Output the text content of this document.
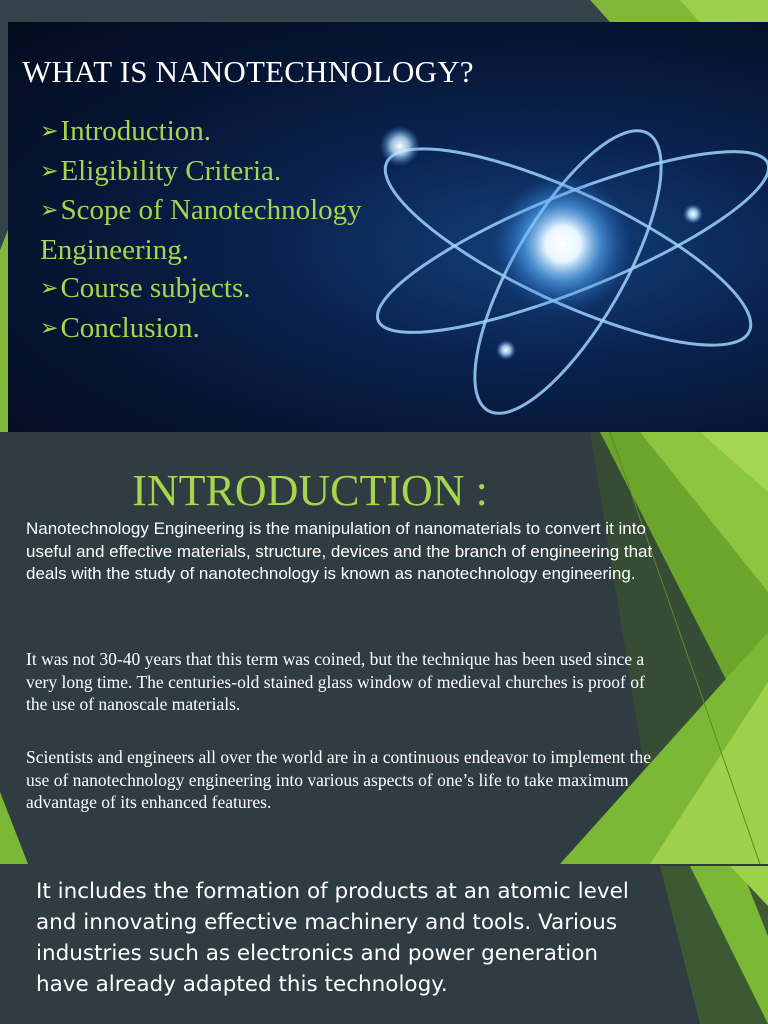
WHAT IS NANOTECHNOLOGY?
➢Introduction.
➢Eligibility Criteria.
➢Scope of Nanotechnology Engineering.
➢Course subjects.
➢Conclusion.
INTRODUCTION :

Nanotechnology Engineering is the manipulation of nanomaterials to convert it into useful and effective materials, structure, devices and the branch of engineering that deals with the study of nanotechnology is known as nanotechnology engineering.

It was not 30-40 years that this term was coined, but the technique has been used since a very long time. The centuries-old stained glass window of medieval churches is proof of the use of nanoscale materials.

Scientists and engineers all over the world are in a continuous endeavor to implement the use of nanotechnology engineering into various aspects of one’s life to take maximum advantage of its enhanced features.

It includes the formation of products at an atomic level and innovating effective machinery and tools. Various industries such as electronics and power generation have already adapted this technology.
